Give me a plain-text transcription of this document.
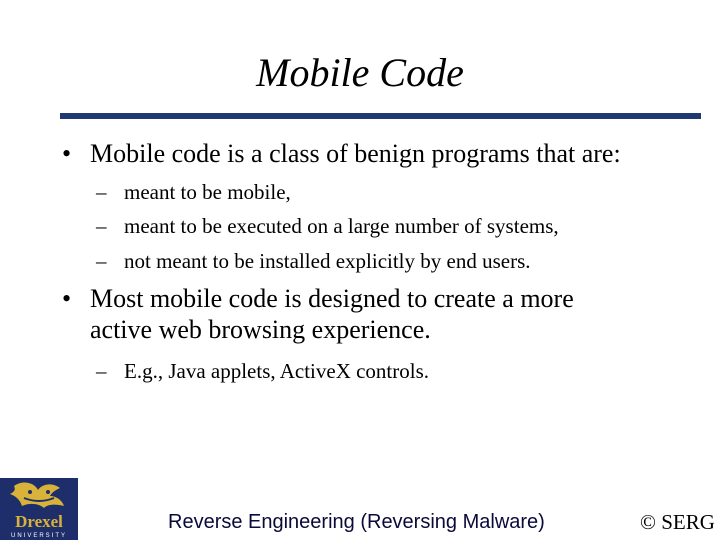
Mobile Code
• Mobile code is a class of benign programs that are:
– meant to be mobile,
– meant to be executed on a large number of systems,
– not meant to be installed explicitly by end users.
• Most mobile code is designed to create a more
active web browsing experience.
– E.g., Java applets, ActiveX controls.
Drexel
UNIVERSITY
Reverse Engineering (Reversing Malware)	© SERG
